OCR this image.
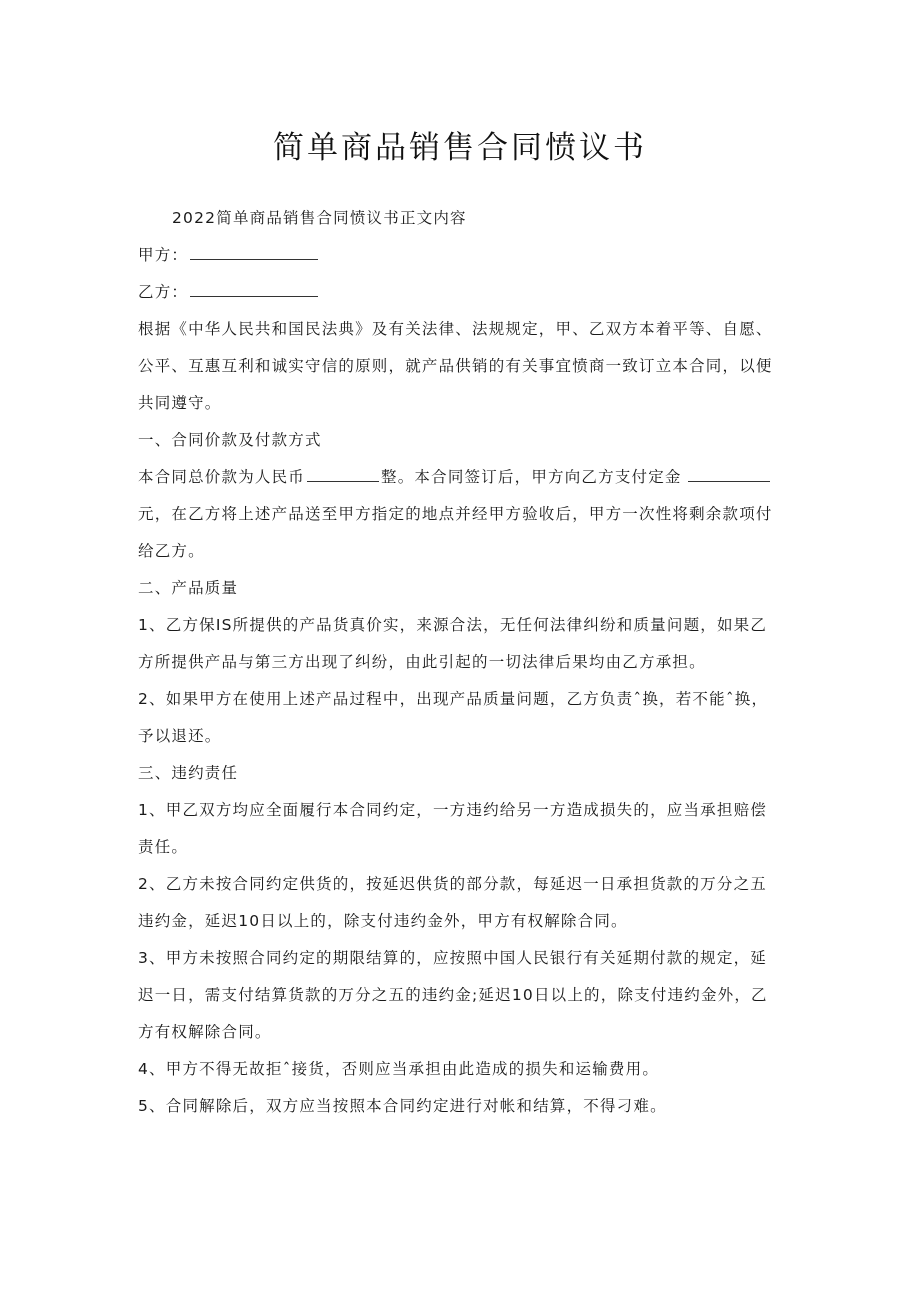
简单商品销售合同愤议书
2022简单商品销售合同愤议书正文内容
甲方：
乙方：
根据《中华人民共和国民法典》及有关法律、法规规定，甲、乙双方本着平等、自愿、
公平、互惠互利和诚实守信的原则，就产品供销的有关事宜愤商一致订立本合同，以便
共同遵守。
一、合同价款及付款方式
本合同总价款为人民币	整。本合同签订后，甲方向乙方支付定金
元，在乙方将上述产品送至甲方指定的地点并经甲方验收后，甲方一次性将剩余款项付
给乙方。
二、产品质量
1、乙方保IS所提供的产品货真价实，来源合法，无任何法律纠纷和质量问题，如果乙
方所提供产品与第三方出现了纠纷，由此引起的一切法律后果均由乙方承担。
2、如果甲方在使用上述产品过程中，出现产品质量问题，乙方负责ˆ换，若不能ˆ换，
予以退还。
三、违约责任
1、甲乙双方均应全面履行本合同约定，一方违约给另一方造成损失的，应当承担赔偿
责任。
2、乙方未按合同约定供货的，按延迟供货的部分款，每延迟一日承担货款的万分之五
违约金，延迟10日以上的，除支付违约金外，甲方有权解除合同。
3、甲方未按照合同约定的期限结算的，应按照中国人民银行有关延期付款的规定，延
迟一日，需支付结算货款的万分之五的违约金;延迟10日以上的，除支付违约金外，乙
方有权解除合同。
4、甲方不得无故拒ˆ接货，否则应当承担由此造成的损失和运输费用。
5、合同解除后，双方应当按照本合同约定进行对帐和结算，不得刁难。
